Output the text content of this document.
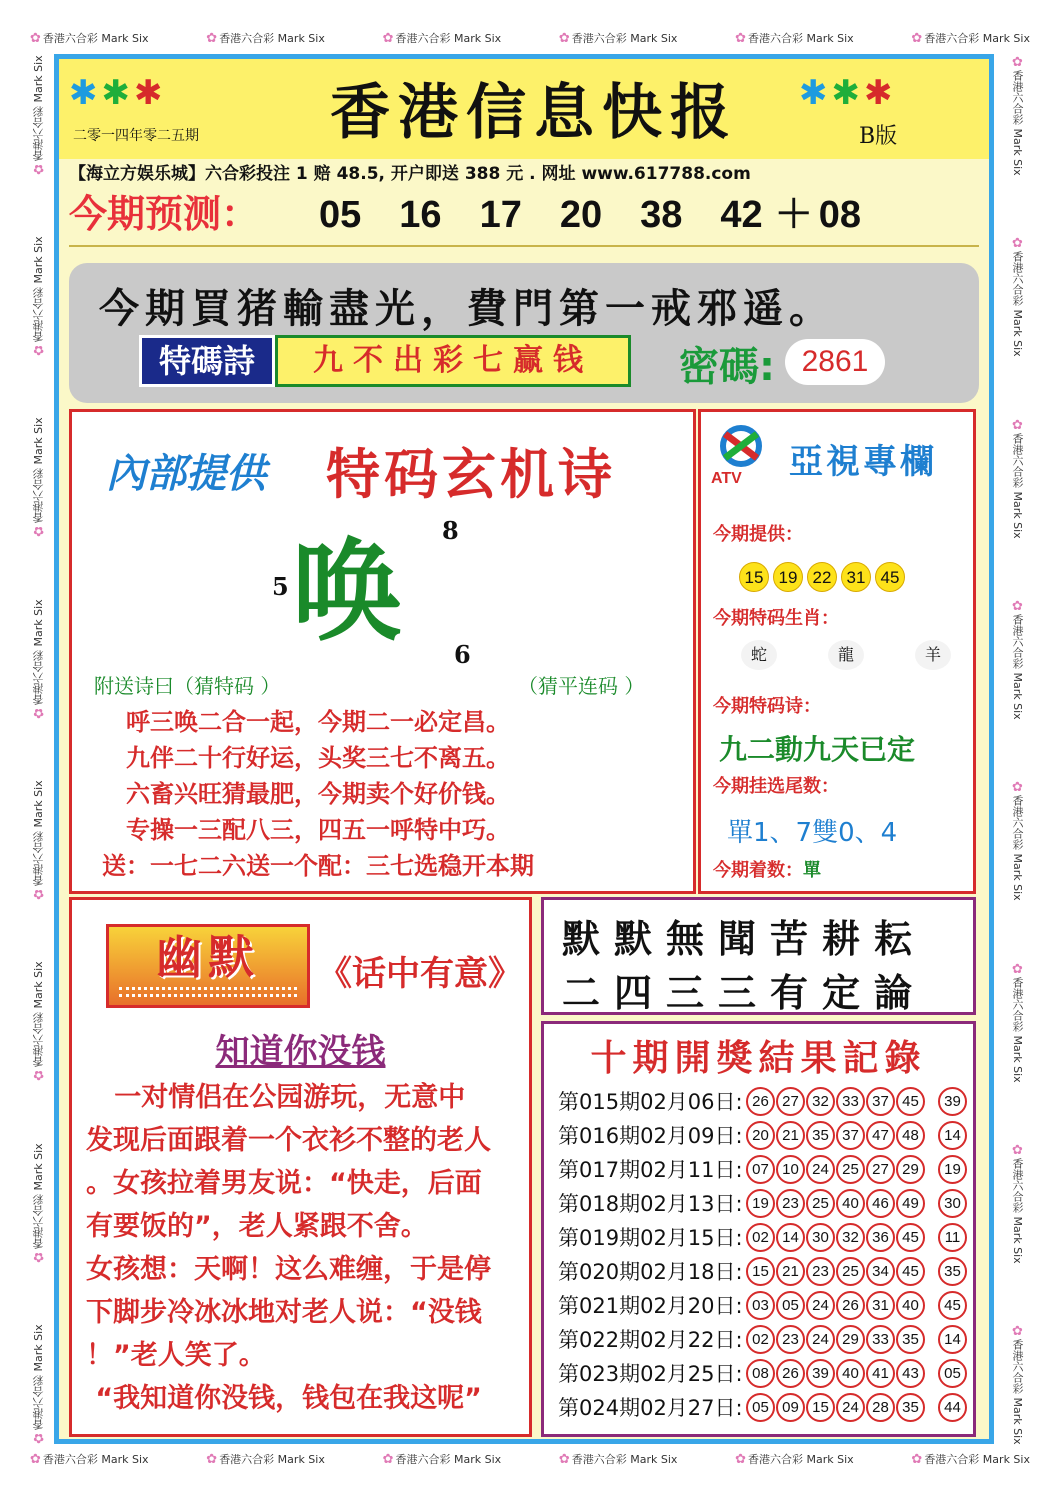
✿ 香港六合彩 Mark Six	✿ 香港六合彩 Mark Six	✿ 香港六合彩 Mark Six	✿ 香港六合彩 Mark Six	✿ 香港六合彩 Mark Six	✿ 香港六合彩 Mark Six
✿ 香港六合彩 Mark Six	✿ 香港六合彩 Mark Six	✿ 香港六合彩 Mark Six	✿ 香港六合彩 Mark Six	✿ 香港六合彩 Mark Six	✿ 香港六合彩 Mark Six
✿香港六合彩 Mark Six
✿香港六合彩 Mark Six
✿香港六合彩 Mark Six
✿香港六合彩 Mark Six
✿香港六合彩 Mark Six
✿香港六合彩 Mark Six
✿香港六合彩 Mark Six
✿香港六合彩 Mark Six	✿香港六合彩 Mark Six
✿香港六合彩 Mark Six
✿香港六合彩 Mark Six
✿香港六合彩 Mark Six
✿香港六合彩 Mark Six
✿香港六合彩 Mark Six
✿香港六合彩 Mark Six
✿香港六合彩 Mark Six
✱✱✱	✱✱✱
香港信息快报
二零一四年零二五期	B版
【海立方娱乐城】六合彩投注 1 赔 48.5, 开户即送 388 元 . 网址 www.617788.com
今期预测： 05 16 17 20 38 42 ＋ 08
今期買猪輸盡光，費門第一戒邪遥。
特碼詩	九不出彩七赢钱	密碼: 2861
內部提供 特码玄机诗
8
5 唤 6
附送诗曰（猜特码 ）	（猜平连码 ）
呼三唤二合一起，今期二一必定昌。
九伴二十行好运，头奖三七不离五。
六畜兴旺猜最肥，今期卖个好价钱。
专操一三配八三，四五一呼特中巧。
送：一七二六送一个配：三七选稳开本期
ATV	亞視專欄
今期提供：
15 19 22 31 45
今期特码生肖：
蛇	龍	羊
今期特码诗：
九二動九天已定
今期挂选尾数：
單1、7雙0、4
今期着数：單
幽默	《话中有意》
知道你没钱
一对情侣在公园游玩，无意中
发现后面跟着一个衣衫不整的老人
。女孩拉着男友说：“快走，后面
有要饭的”，老人紧跟不舍。
女孩想：天啊！这么难缠，于是停
下脚步冷冰冰地对老人说：“没钱
！”老人笑了。
“我知道你没钱，钱包在我这呢”
默默無聞苦耕耘
二四三三有定論
十期開獎結果記錄
第015期02月06日: 26 27 32 33 37 45	39
第016期02月09日: 20 21 35 37 47 48	14
第017期02月11日: 07 10 24 25 27 29	19
第018期02月13日: 19 23 25 40 46 49	30
第019期02月15日: 02 14 30 32 36 45	11
第020期02月18日: 15 21 23 25 34 45	35
第021期02月20日: 03 05 24 26 31 40	45
第022期02月22日: 02 23 24 29 33 35	14
第023期02月25日: 08 26 39 40 41 43	05
第024期02月27日: 05 09 15 24 28 35	44
